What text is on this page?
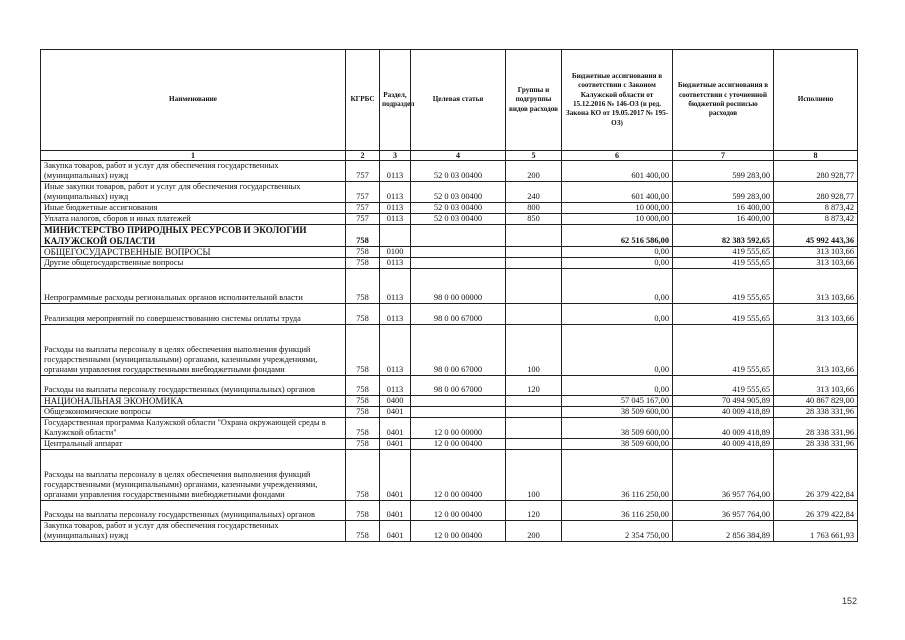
Наименование	КГРБС	Раздел, подраздел	Целевая статья	Группы и подгруппы видов расходов	Бюджетные ассигнования в соответствии с Законом Калужской области от 15.12.2016 № 146-ОЗ (в ред. Закона КО от 19.05.2017 № 195-ОЗ)	Бюджетные ассигнования в соответствии с уточненной бюджетной росписью расходов	Исполнено
1	2	3	4	5	6	7	8
Закупка товаров, работ и услуг для обеспечения государственных (муниципальных) нужд	757	0113	52 0 03 00400	200	601 400,00	599 283,00	280 928,77
Иные закупки товаров, работ и услуг для обеспечения государственных (муниципальных) нужд	757	0113	52 0 03 00400	240	601 400,00	599 283,00	280 928,77
Иные бюджетные ассигнования	757	0113	52 0 03 00400	800	10 000,00	16 400,00	8 873,42
Уплата налогов, сборов и иных платежей	757	0113	52 0 03 00400	850	10 000,00	16 400,00	8 873,42
МИНИСТЕРСТВО ПРИРОДНЫХ РЕСУРСОВ И ЭКОЛОГИИ КАЛУЖСКОЙ ОБЛАСТИ	758				62 516 586,00	82 383 592,65	45 992 443,36
ОБЩЕГОСУДАРСТВЕННЫЕ ВОПРОСЫ	758	0100			0,00	419 555,65	313 103,66
Другие общегосударственные вопросы	758	0113			0,00	419 555,65	313 103,66
Непрограммные расходы региональных органов исполнительной власти	758	0113	98 0 00 00000		0,00	419 555,65	313 103,66
Реализация мероприятий по совершенствованию системы оплаты труда	758	0113	98 0 00 67000		0,00	419 555,65	313 103,66
Расходы на выплаты персоналу в целях обеспечения выполнения функций государственными (муниципальными) органами, казенными учреждениями, органами управления государственными внебюджетными фондами	758	0113	98 0 00 67000	100	0,00	419 555,65	313 103,66
Расходы на выплаты персоналу государственных (муниципальных) органов	758	0113	98 0 00 67000	120	0,00	419 555,65	313 103,66
НАЦИОНАЛЬНАЯ ЭКОНОМИКА	758	0400			57 045 167,00	70 494 905,89	40 867 829,00
Общеэкономические вопросы	758	0401			38 509 600,00	40 009 418,89	28 338 331,96
Государственная программа Калужской области "Охрана окружающей среды в Калужской области"	758	0401	12 0 00 00000		38 509 600,00	40 009 418,89	28 338 331,96
Центральный аппарат	758	0401	12 0 00 00400		38 509 600,00	40 009 418,89	28 338 331,96
Расходы на выплаты персоналу в целях обеспечения выполнения функций государственными (муниципальными) органами, казенными учреждениями, органами управления государственными внебюджетными фондами	758	0401	12 0 00 00400	100	36 116 250,00	36 957 764,00	26 379 422,84
Расходы на выплаты персоналу государственных (муниципальных) органов	758	0401	12 0 00 00400	120	36 116 250,00	36 957 764,00	26 379 422,84
Закупка товаров, работ и услуг для обеспечения государственных (муниципальных) нужд	758	0401	12 0 00 00400	200	2 354 750,00	2 856 384,89	1 763 661,93
152
